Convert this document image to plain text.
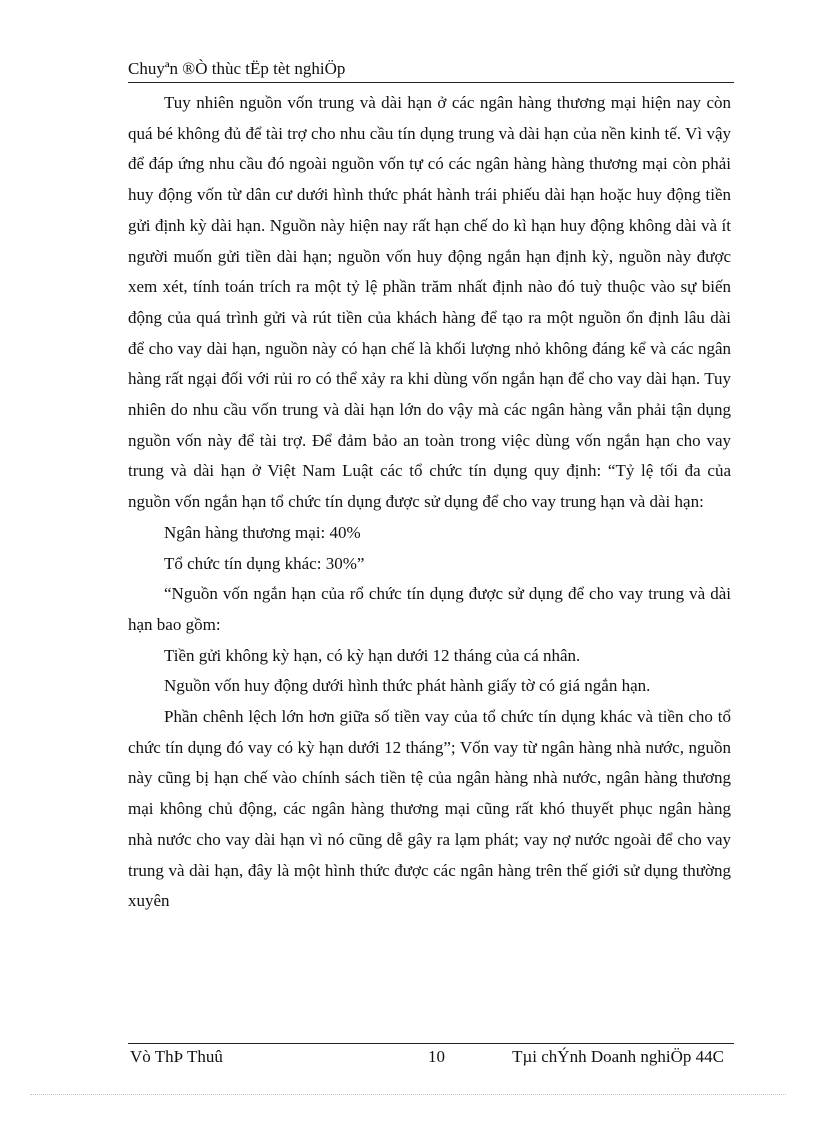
Chuyªn ®Ò thùc tËp tèt nghiÖp

Tuy nhiên nguồn vốn trung và dài hạn ở các ngân hàng thương mại hiện nay còn quá bé không đủ để tài trợ cho nhu cầu tín dụng trung và dài hạn của nền kinh tế. Vì vậy để đáp ứng nhu cầu đó ngoài nguồn vốn tự có các ngân hàng hàng thương mại còn phải huy động vốn từ dân cư dưới hình thức phát hành trái phiếu dài hạn hoặc huy động tiền gửi định kỳ dài hạn. Nguồn này hiện nay rất hạn chế do kì hạn huy động không dài và ít người muốn gửi tiền dài hạn; nguồn vốn huy động ngắn hạn định kỳ, nguồn này được xem xét, tính toán trích ra một tỷ lệ phần trăm nhất định nào đó tuỳ thuộc vào sự biến động của quá trình gửi và rút tiền của khách hàng để tạo ra một nguồn ổn định lâu dài để cho vay dài hạn, nguồn này có hạn chế là khối lượng nhỏ không đáng kể và các ngân hàng rất ngại đối với rủi ro có thể xảy ra khi dùng vốn ngắn hạn để cho vay dài hạn. Tuy nhiên do nhu cầu vốn trung và dài hạn lớn do vậy mà các ngân hàng vẫn phải tận dụng nguồn vốn này để tài trợ. Để đảm bảo an toàn trong việc dùng vốn ngắn hạn cho vay trung và dài hạn ở Việt Nam Luật các tổ chức tín dụng quy định: “Tỷ lệ tối đa của nguồn vốn ngắn hạn tổ chức tín dụng được sử dụng để cho vay trung hạn và dài hạn:

Ngân hàng thương mại: 40%

Tổ chức tín dụng khác: 30%”

“Nguồn vốn ngắn hạn của rổ chức tín dụng được sử dụng để cho vay trung và dài hạn bao gồm:

Tiền gửi không kỳ hạn, có kỳ hạn dưới 12 tháng của cá nhân.

Nguồn vốn huy động dưới hình thức phát hành giấy tờ có giá ngắn hạn.

Phần chênh lệch lớn hơn giữa số tiền vay của tổ chức tín dụng khác và tiền cho tổ chức tín dụng đó vay có kỳ hạn dưới 12 tháng”; Vốn vay từ ngân hàng nhà nước, nguồn này cũng bị hạn chế vào chính sách tiền tệ của ngân hàng nhà nước, ngân hàng thương mại không chủ động, các ngân hàng thương mại cũng rất khó thuyết phục ngân hàng nhà nước cho vay dài hạn vì nó cũng dễ gây ra lạm phát; vay nợ nước ngoài để cho vay trung và dài hạn, đây là một hình thức được các ngân hàng trên thế giới sử dụng thường xuyên

Vò ThÞ Thuû	10	Tµi chÝnh Doanh nghiÖp 44C
